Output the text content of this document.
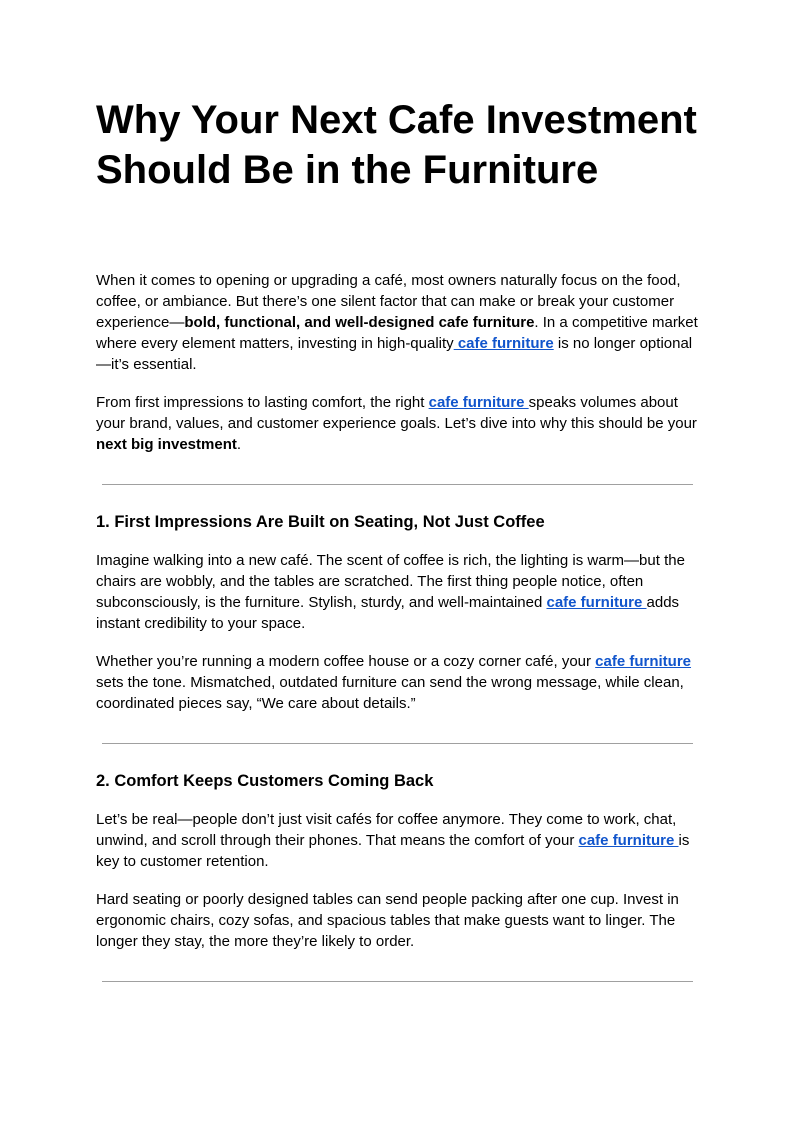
Why Your Next Cafe Investment
Should Be in the Furniture

When it comes to opening or upgrading a café, most owners naturally focus on the food, coffee, or ambiance. But there’s one silent factor that can make or break your customer experience—bold, functional, and well-designed cafe furniture. In a competitive market where every element matters, investing in high-quality cafe furniture is no longer optional—it’s essential.

From first impressions to lasting comfort, the right cafe furniture speaks volumes about your brand, values, and customer experience goals. Let’s dive into why this should be your next big investment.

1. First Impressions Are Built on Seating, Not Just Coffee

Imagine walking into a new café. The scent of coffee is rich, the lighting is warm—but the chairs are wobbly, and the tables are scratched. The first thing people notice, often subconsciously, is the furniture. Stylish, sturdy, and well-maintained cafe furniture adds instant credibility to your space.

Whether you’re running a modern coffee house or a cozy corner café, your cafe furniture sets the tone. Mismatched, outdated furniture can send the wrong message, while clean, coordinated pieces say, “We care about details.”

2. Comfort Keeps Customers Coming Back

Let’s be real—people don’t just visit cafés for coffee anymore. They come to work, chat, unwind, and scroll through their phones. That means the comfort of your cafe furniture is key to customer retention.

Hard seating or poorly designed tables can send people packing after one cup. Invest in ergonomic chairs, cozy sofas, and spacious tables that make guests want to linger. The longer they stay, the more they’re likely to order.
